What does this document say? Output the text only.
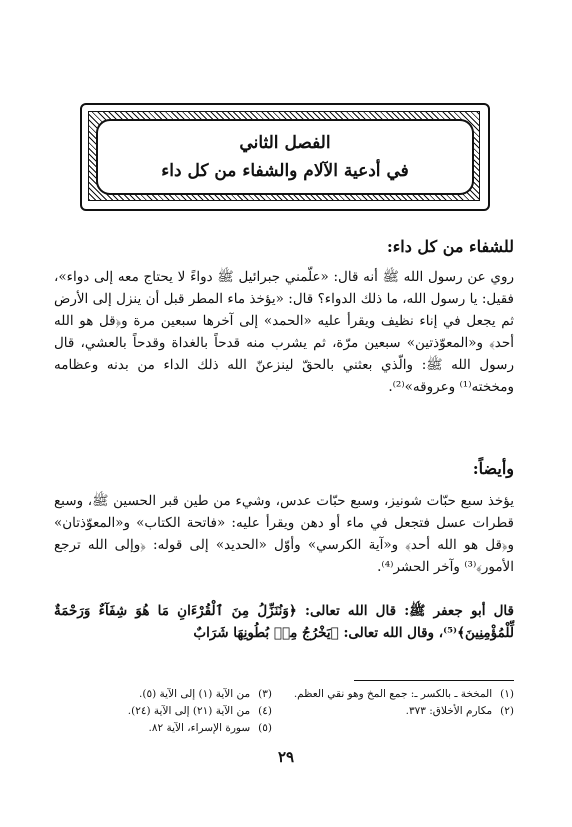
الفصل الثاني
في أدعية الآلام والشفاء من كل داء
للشفاء من كل داء:

روي عن رسول الله ﷺ أنه قال: «علّمني جبرائيل ﷺ دواءً لا يحتاج معه إلى دواء»، فقيل: يا رسول الله، ما ذلك الدواء؟ قال: «يؤخذ ماء المطر قبل أن ينزل إلى الأرض ثم يجعل في إناء نظيف ويقرأ عليه «الحمد» إلى آخرها سبعين مرة و﴿قل هو الله أحد﴾ و«المعوّذتين» سبعين مرّة، ثم يشرب منه قدحاً بالغداة وقدحاً بالعشي، قال رسول الله ﷺ: والّذي بعثني بالحقّ لينزعنّ الله ذلك الداء من بدنه وعظامه ومخخته⁽¹⁾ وعروقه»⁽²⁾.

وأيضاً:

يؤخذ سبع حبّات شونيز، وسبع حبّات عدس، وشيء من طين قبر الحسين ﷺ، وسبع قطرات عسل فتجعل في ماء أو دهن ويقرأ عليه: «فاتحة الكتاب» و«المعوّذتان» و﴿قل هو الله أحد﴾ و«آية الكرسي» وأوّل «الحديد» إلى قوله: ﴿وإلى الله ترجع الأمور﴾⁽³⁾ وآخر الحشر⁽⁴⁾.

قال أبو جعفر ﷺ: قال الله تعالى: ﴿وَنُنَزِّلُ مِنَ ٱلْقُرْءَانِ مَا هُوَ شِفَآءٌ وَرَحْمَةٌ لِّلْمُؤْمِنِينَ﴾⁽⁵⁾، وقال الله تعالى: ﴿يَخْرُجُ مِنۢ بُطُونِهَا شَرَابٌ

(١)
المخخة ـ بالكسر ـ: جمع المخ وهو نقي العظم.
(٢)
مكارم الأخلاق: ٣٧٣.
(٣)
من الآية (١) إلى الآية (٥).
(٤)
من الآية (٢١) إلى الآية (٢٤).
(٥)
سورة الإسراء، الآية ٨٢.
٢٩
